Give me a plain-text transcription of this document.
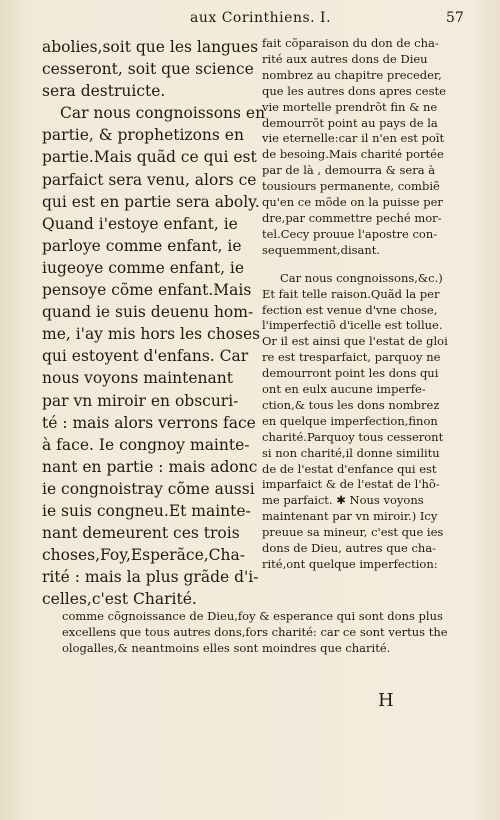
aux Corinthiens. I.	57
abolies,soit que les langues
cesseront, soit que science
sera destruicte.
Car nous congnoissons en
partie, & prophetizons en
partie.Mais quãd ce qui est
parfaict sera venu, alors ce
qui est en partie sera aboly.
Quand i'estoye enfant, ie
parloye comme enfant, ie
iugeoye comme enfant, ie
pensoye cõme enfant.Mais
quand ie suis deuenu hom-
me, i'ay mis hors les choses
qui estoyent d'enfans. Car
nous voyons maintenant
par vn miroir en obscuri-
té : mais alors verrons face
à face. Ie congnoy mainte-
nant en partie : mais adonc
ie congnoistray cõme aussi
ie suis congneu.Et mainte-
nant demeurent ces trois
choses,Foy,Esperãce,Cha-
rité : mais la plus grãde d'i-
celles,c'est Charité.
fait cõparaison du don de cha-
rité aux autres dons de Dieu
nombrez au chapitre preceder,
que les autres dons apres ceste
vie mortelle prendrõt fin & ne
demourrõt point au pays de la
vie eternelle:car il n'en est poĩt
de besoing.Mais charité portée
par de là , demourra & sera à
tousiours permanente, combiẽ
qu'en ce mõde on la puisse per
dre,par commettre peché mor-
tel.Cecy prouue l'apostre con-
sequemment,disant.
Car nous congnoissons,&c.)
Et fait telle raison.Quãd la per
fection est venue d'vne chose,
l'imperfectiõ d'icelle est tollue.
Or il est ainsi que l'estat de gloi
re est tresparfaict, parquoy ne
demourront point les dons qui
ont en eulx aucune imperfe-
ction,& tous les dons nombrez
en quelque imperfection,finon
charité.Parquoy tous cesseront
si non charité,il donne similitu
de de l'estat d'enfance qui est
imparfaict & de l'estat de l'hõ-
me parfaict. ✱ Nous voyons
maintenant par vn miroir.) Icy
preuue sa mineur, c'est que ies
dons de Dieu, autres que cha-
rité,ont quelque imperfection:
comme cõgnoissance de Dieu,foy & esperance qui sont dons plus
excellens que tous autres dons,fors charité: car ce sont vertus the
ologalles,& neantmoins elles sont moindres que charité.
H
